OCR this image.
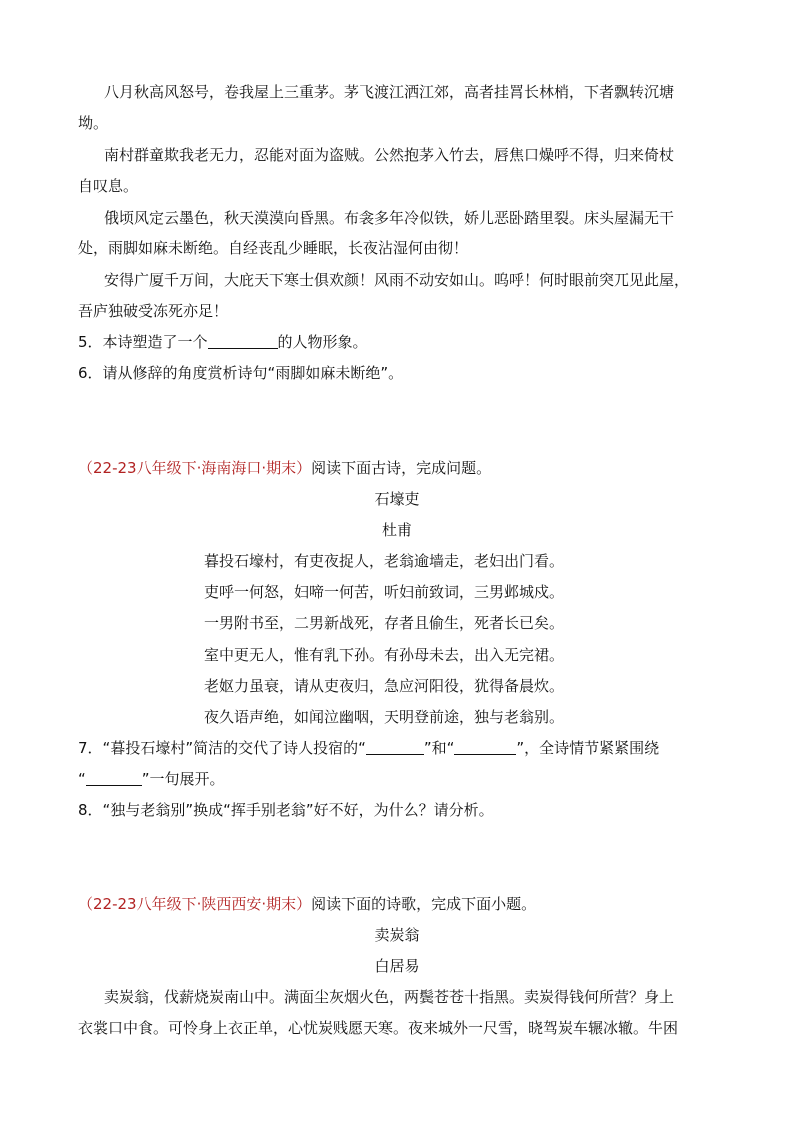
八月秋高风怒号，卷我屋上三重茅。茅飞渡江洒江郊，高者挂罥长林梢，下者飘转沉塘
坳。
南村群童欺我老无力，忍能对面为盗贼。公然抱茅入竹去，唇焦口燥呼不得，归来倚杖
自叹息。
俄顷风定云墨色，秋天漠漠向昏黑。布衾多年冷似铁，娇儿恶卧踏里裂。床头屋漏无干
处，雨脚如麻未断绝。自经丧乱少睡眠，长夜沾湿何由彻！
安得广厦千万间，大庇天下寒士俱欢颜！风雨不动安如山。呜呼！何时眼前突兀见此屋，
吾庐独破受冻死亦足！
5．本诗塑造了一个	的人物形象。
6．请从修辞的角度赏析诗句“雨脚如麻未断绝”。
（22-23八年级下·海南海口·期末）阅读下面古诗，完成问题。
石壕吏
杜甫
暮投石壕村，有吏夜捉人，老翁逾墙走，老妇出门看。
吏呼一何怒，妇啼一何苦，听妇前致词，三男邺城戍。
一男附书至，二男新战死，存者且偷生，死者长已矣。
室中更无人，惟有乳下孙。有孙母未去，出入无完裙。
老妪力虽衰，请从吏夜归，急应河阳役，犹得备晨炊。
夜久语声绝，如闻泣幽咽，天明登前途，独与老翁别。
7．“暮投石壕村”简洁的交代了诗人投宿的“	”和“	”，全诗情节紧紧围绕
“	”一句展开。
8．“独与老翁别”换成“挥手别老翁”好不好，为什么？请分析。
（22-23八年级下·陕西西安·期末）阅读下面的诗歌，完成下面小题。
卖炭翁
白居易
卖炭翁，伐薪烧炭南山中。满面尘灰烟火色，两鬓苍苍十指黑。卖炭得钱何所营？身上
衣裳口中食。可怜身上衣正单，心忧炭贱愿天寒。夜来城外一尺雪，晓驾炭车辗冰辙。牛困
